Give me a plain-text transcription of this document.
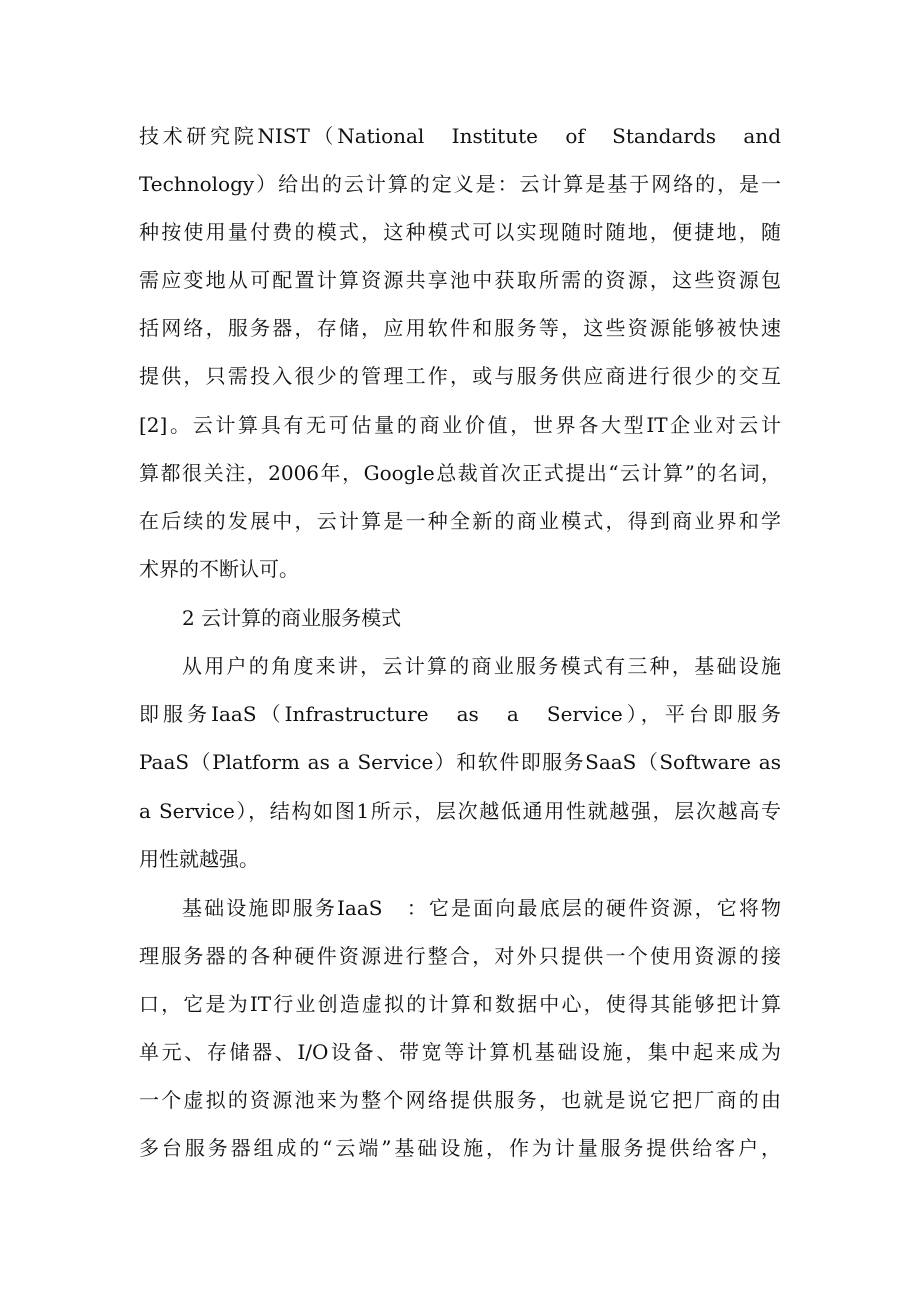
技术研究院NIST（National　Institute　of　Standards　and
Technology）给出的云计算的定义是：云计算是基于网络的，是一
种按使用量付费的模式，这种模式可以实现随时随地，便捷地，随
需应变地从可配置计算资源共享池中获取所需的资源，这些资源包
括网络，服务器，存储，应用软件和服务等，这些资源能够被快速
提供，只需投入很少的管理工作，或与服务供应商进行很少的交互
[2]。云计算具有无可估量的商业价值，世界各大型IT企业对云计
算都很关注，2006年，Google总裁首次正式提出“云计算”的名词，
在后续的发展中，云计算是一种全新的商业模式，得到商业界和学
术界的不断认可。
2 云计算的商业服务模式
从用户的角度来讲，云计算的商业服务模式有三种，基础设施
即服务IaaS（Infrastructure　as　a　Service），平台即服务
PaaS（Platform as a Service）和软件即服务SaaS（Software as
a Service），结构如图1所示，层次越低通用性就越强，层次越高专
用性就越强。
基础设施即服务IaaS　：它是面向最底层的硬件资源，它将物
理服务器的各种硬件资源进行整合，对外只提供一个使用资源的接
口，它是为IT行业创造虚拟的计算和数据中心，使得其能够把计算
单元、存储器、I/O设备、带宽等计算机基础设施，集中起来成为
一个虚拟的资源池来为整个网络提供服务，也就是说它把厂商的由
多台服务器组成的“云端”基础设施，作为计量服务提供给客户，
